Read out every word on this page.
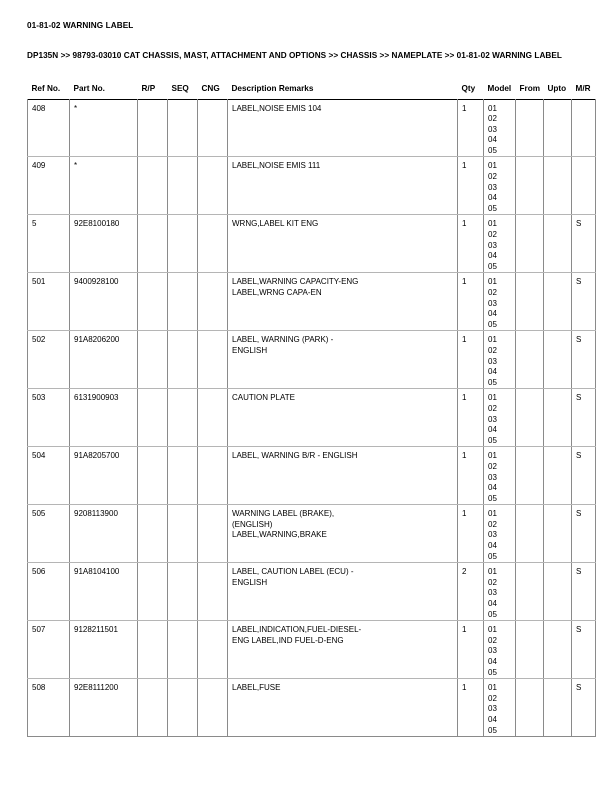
01-81-02 WARNING LABEL
DP135N >> 98793-03010 CAT CHASSIS, MAST, ATTACHMENT AND OPTIONS >> CHASSIS >> NAMEPLATE >> 01-81-02 WARNING LABEL
Ref No.	Part No.	R/P	SEQ	CNG	Description Remarks	Qty	Model	From	Upto	M/R
408	*				LABEL,NOISE EMIS 104	1	01
02
03
04
05			

409	*				LABEL,NOISE EMIS 111	1	01
02
03
04
05			

5	92E8100180				WRNG,LABEL KIT ENG	1	01
02
03
04
05			S
501	9400928100				LABEL,WARNING CAPACITY-ENG
LABEL,WRNG CAPA-EN	1	01
02
03
04
05			S
502	91A8206200				LABEL, WARNING (PARK) -
ENGLISH	1	01
02
03
04
05			S
503	6131900903				CAUTION PLATE	1	01
02
03
04
05			S
504	91A8205700				LABEL, WARNING B/R - ENGLISH	1	01
02
03
04
05			S
505	9208113900				WARNING LABEL (BRAKE),
(ENGLISH)
LABEL,WARNING,BRAKE	1	01
02
03
04
05			S
506	91A8104100				LABEL, CAUTION LABEL (ECU) -
ENGLISH	2	01
02
03
04
05			S
507	9128211501				LABEL,INDICATION,FUEL-DIESEL-
ENG LABEL,IND FUEL-D-ENG	1	01
02
03
04
05			S
508	92E8111200				LABEL,FUSE	1	01
02
03
04
05			S
